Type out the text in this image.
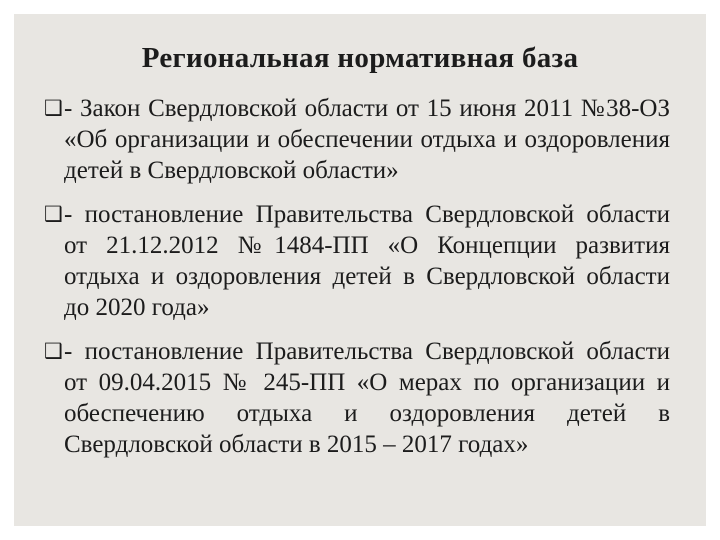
Региональная нормативная база
❑ - Закон Свердловской области от 15 июня 2011 №38-ОЗ «Об организации и обеспечении отдыха и оздоровления детей в Свердловской области»
❑ - постановление Правительства Свердловской области от 21.12.2012 №1484-ПП «О Концепции развития отдыха и оздоровления детей в Свердловской области до 2020 года»
❑ - постановление Правительства Свердловской области от 09.04.2015 № 245-ПП «О мерах по организации и обеспечению отдыха и оздоровления детей в Свердловской области в 2015 – 2017 годах»
